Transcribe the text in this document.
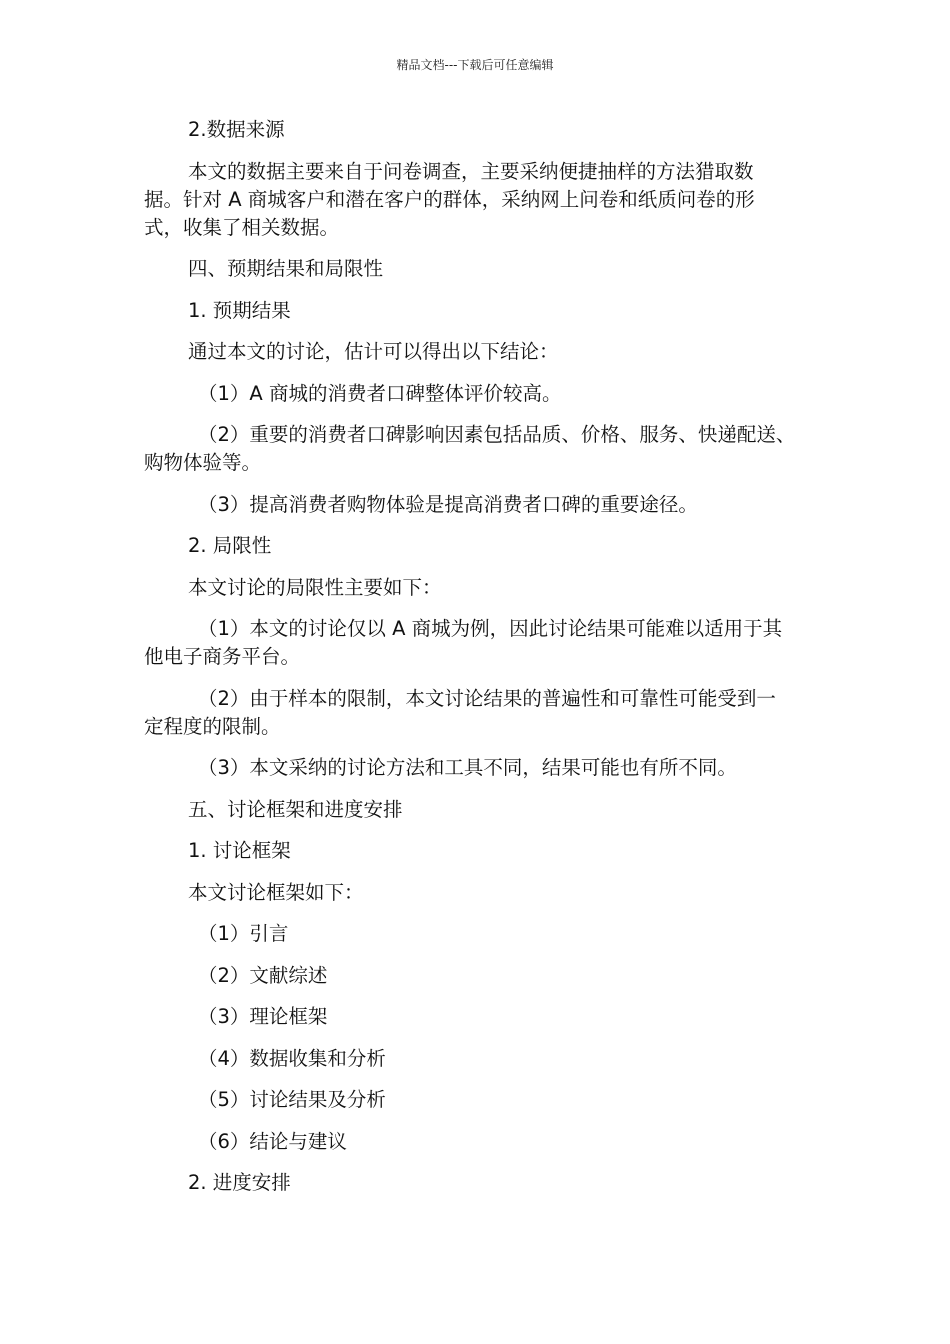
精品文档---下载后可任意编辑
2.数据来源
本文的数据主要来自于问卷调查，主要采纳便捷抽样的方法猎取数
据。针对 A 商城客户和潜在客户的群体，采纳网上问卷和纸质问卷的形
式，收集了相关数据。
四、预期结果和局限性
1. 预期结果
通过本文的讨论，估计可以得出以下结论：
（1）A 商城的消费者口碑整体评价较高。
（2）重要的消费者口碑影响因素包括品质、价格、服务、快递配送、
购物体验等。
（3）提高消费者购物体验是提高消费者口碑的重要途径。
2. 局限性
本文讨论的局限性主要如下：
（1）本文的讨论仅以 A 商城为例，因此讨论结果可能难以适用于其
他电子商务平台。
（2）由于样本的限制，本文讨论结果的普遍性和可靠性可能受到一
定程度的限制。
（3）本文采纳的讨论方法和工具不同，结果可能也有所不同。
五、讨论框架和进度安排
1. 讨论框架
本文讨论框架如下：
（1）引言
（2）文献综述
（3）理论框架
（4）数据收集和分析
（5）讨论结果及分析
（6）结论与建议
2. 进度安排
